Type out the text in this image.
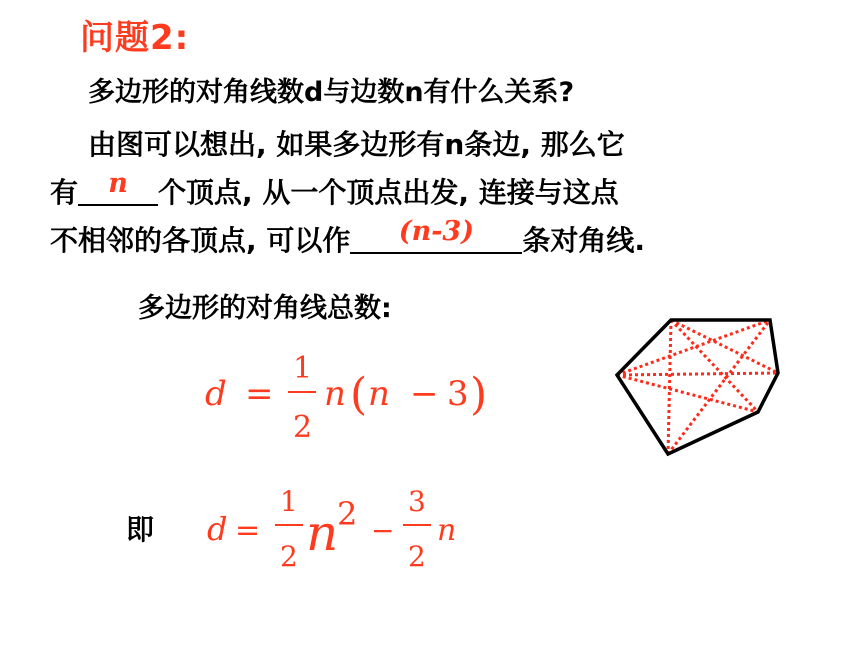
问题2:
多边形的对角线数d与边数n有什么关系?
由图可以想出, 如果多边形有n条边, 那么它
有	n	个顶点, 从一个顶点出发, 连接与这点
不相邻的各顶点, 可以作	(n-3)	条对角线.
多边形的对角线总数:
即
d =
1
2
n ( n − 3 )
d =
1
2 n
2 −
3
2
n
